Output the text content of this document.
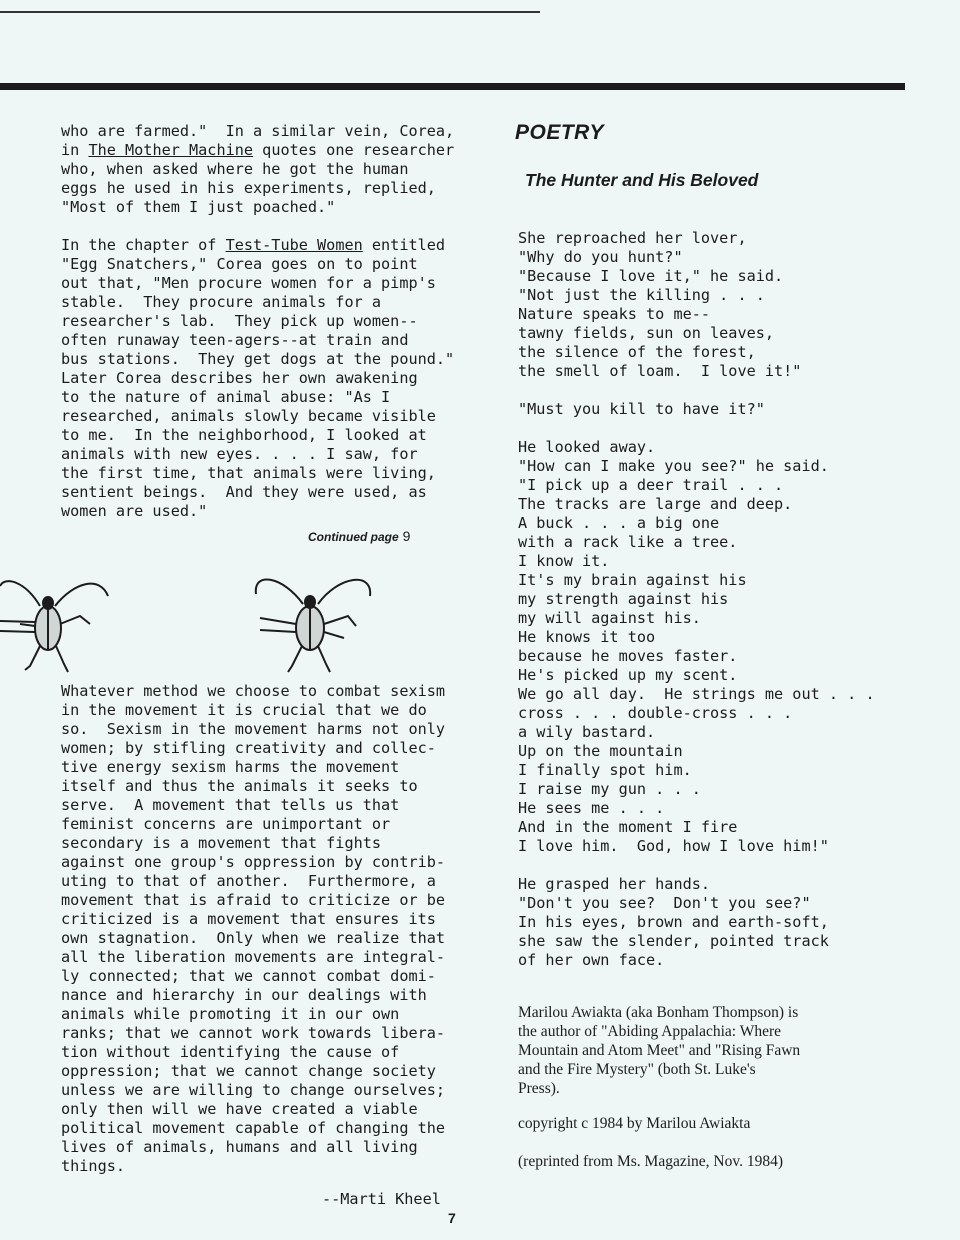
who are farmed."  In a similar vein, Corea,
in The Mother Machine quotes one researcher
who, when asked where he got the human
eggs he used in his experiments, replied,
"Most of them I just poached."
In the chapter of Test-Tube Women entitled
"Egg Snatchers," Corea goes on to point
out that, "Men procure women for a pimp's
stable.  They procure animals for a
researcher's lab.  They pick up women--
often runaway teen-agers--at train and
bus stations.  They get dogs at the pound."
Later Corea describes her own awakening
to the nature of animal abuse: "As I
researched, animals slowly became visible
to me.  In the neighborhood, I looked at
animals with new eyes. . . . I saw, for
the first time, that animals were living,
sentient beings.  And they were used, as
women are used."
Continued page 9
Whatever method we choose to combat sexism
in the movement it is crucial that we do
so.  Sexism in the movement harms not only
women; by stifling creativity and collec-
tive energy sexism harms the movement
itself and thus the animals it seeks to
serve.  A movement that tells us that
feminist concerns are unimportant or
secondary is a movement that fights
against one group's oppression by contrib-
uting to that of another.  Furthermore, a
movement that is afraid to criticize or be
criticized is a movement that ensures its
own stagnation.  Only when we realize that
all the liberation movements are integral-
ly connected; that we cannot combat domi-
nance and hierarchy in our dealings with
animals while promoting it in our own
ranks; that we cannot work towards libera-
tion without identifying the cause of
oppression; that we cannot change society
unless we are willing to change ourselves;
only then will we have created a viable
political movement capable of changing the
lives of animals, humans and all living
things.
--Marti Kheel
7
POETRY
The Hunter and His Beloved
She reproached her lover,
"Why do you hunt?"
"Because I love it," he said.
"Not just the killing . . .
Nature speaks to me--
tawny fields, sun on leaves,
the silence of the forest,
the smell of loam.  I love it!"
"Must you kill to have it?"
He looked away.
"How can I make you see?" he said.
"I pick up a deer trail . . .
The tracks are large and deep.
A buck . . . a big one
with a rack like a tree.
I know it.
It's my brain against his
my strength against his
my will against his.
He knows it too
because he moves faster.
He's picked up my scent.
We go all day.  He strings me out . . .
cross . . . double-cross . . .
a wily bastard.
Up on the mountain
I finally spot him.
I raise my gun . . .
He sees me . . .
And in the moment I fire
I love him.  God, how I love him!"
He grasped her hands.
"Don't you see?  Don't you see?"
In his eyes, brown and earth-soft,
she saw the slender, pointed track
of her own face.
Marilou Awiakta (aka Bonham Thompson) is
the author of "Abiding Appalachia: Where
Mountain and Atom Meet" and "Rising Fawn
and the Fire Mystery" (both St. Luke's
Press).
copyright c 1984 by Marilou Awiakta
(reprinted from Ms. Magazine, Nov. 1984)
